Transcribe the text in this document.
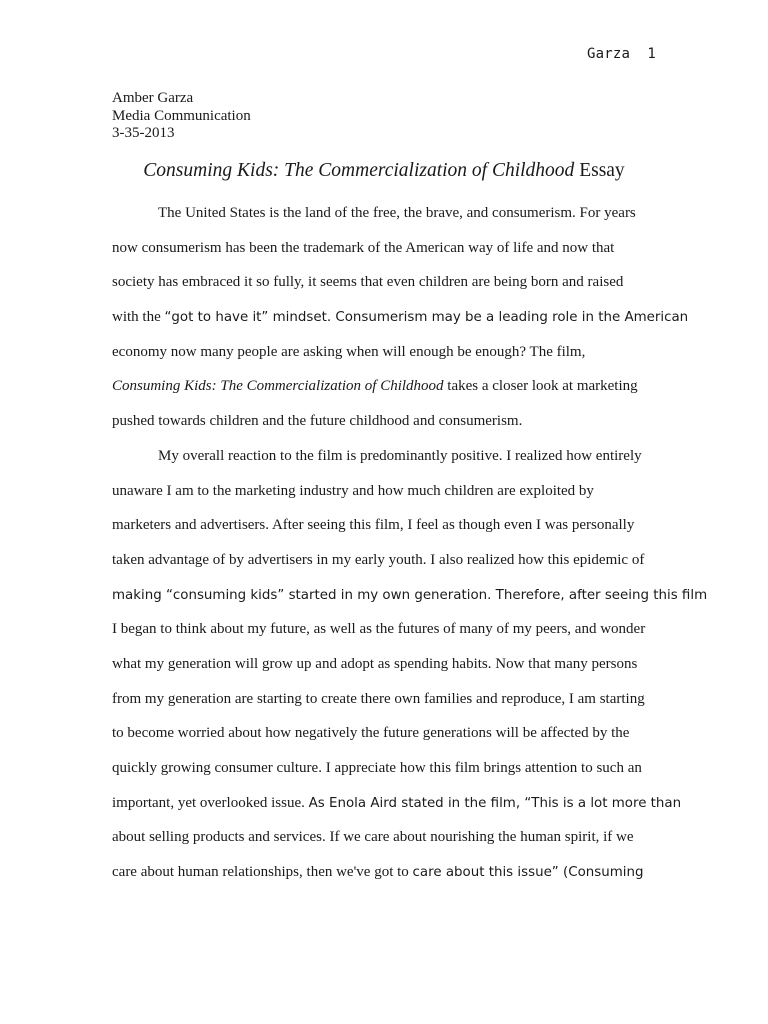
Garza 1
Amber Garza
Media Communication
3-35-2013
Consuming Kids: The Commercialization of Childhood Essay
The United States is the land of the free, the brave, and consumerism. For years
now consumerism has been the trademark of the American way of life and now that
society has embraced it so fully, it seems that even children are being born and raised
with the “got to have it” mindset. Consumerism may be a leading role in the American
economy now many people are asking when will enough be enough? The film,
Consuming Kids: The Commercialization of Childhood takes a closer look at marketing
pushed towards children and the future childhood and consumerism.
My overall reaction to the film is predominantly positive. I realized how entirely
unaware I am to the marketing industry and how much children are exploited by
marketers and advertisers. After seeing this film, I feel as though even I was personally
taken advantage of by advertisers in my early youth. I also realized how this epidemic of
making “consuming kids” started in my own generation. Therefore, after seeing this film
I began to think about my future, as well as the futures of many of my peers, and wonder
what my generation will grow up and adopt as spending habits. Now that many persons
from my generation are starting to create there own families and reproduce, I am starting
to become worried about how negatively the future generations will be affected by the
quickly growing consumer culture. I appreciate how this film brings attention to such an
important, yet overlooked issue. As Enola Aird stated in the film, “This is a lot more than
about selling products and services. If we care about nourishing the human spirit, if we
care about human relationships, then we've got to care about this issue” (Consuming
